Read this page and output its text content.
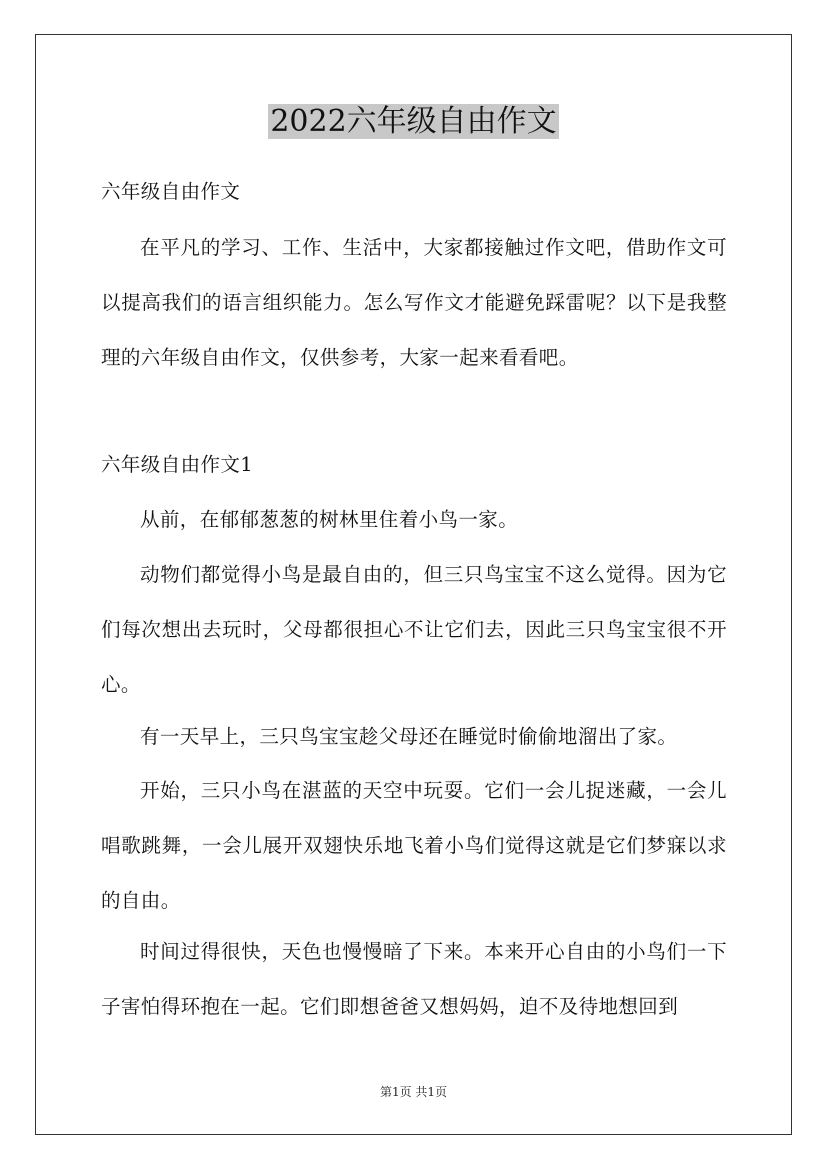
2022六年级自由作文

六年级自由作文

在平凡的学习、工作、生活中，大家都接触过作文吧，借助作文可以提高我们的语言组织能力。怎么写作文才能避免踩雷呢？以下是我整理的六年级自由作文，仅供参考，大家一起来看看吧。

六年级自由作文1

从前，在郁郁葱葱的树林里住着小鸟一家。

动物们都觉得小鸟是最自由的，但三只鸟宝宝不这么觉得。因为它们每次想出去玩时，父母都很担心不让它们去，因此三只鸟宝宝很不开心。

有一天早上，三只鸟宝宝趁父母还在睡觉时偷偷地溜出了家。

开始，三只小鸟在湛蓝的天空中玩耍。它们一会儿捉迷藏，一会儿唱歌跳舞，一会儿展开双翅快乐地飞着小鸟们觉得这就是它们梦寐以求的自由。

时间过得很快，天色也慢慢暗了下来。本来开心自由的小鸟们一下子害怕得环抱在一起。它们即想爸爸又想妈妈，迫不及待地想回到

第1页 共1页
